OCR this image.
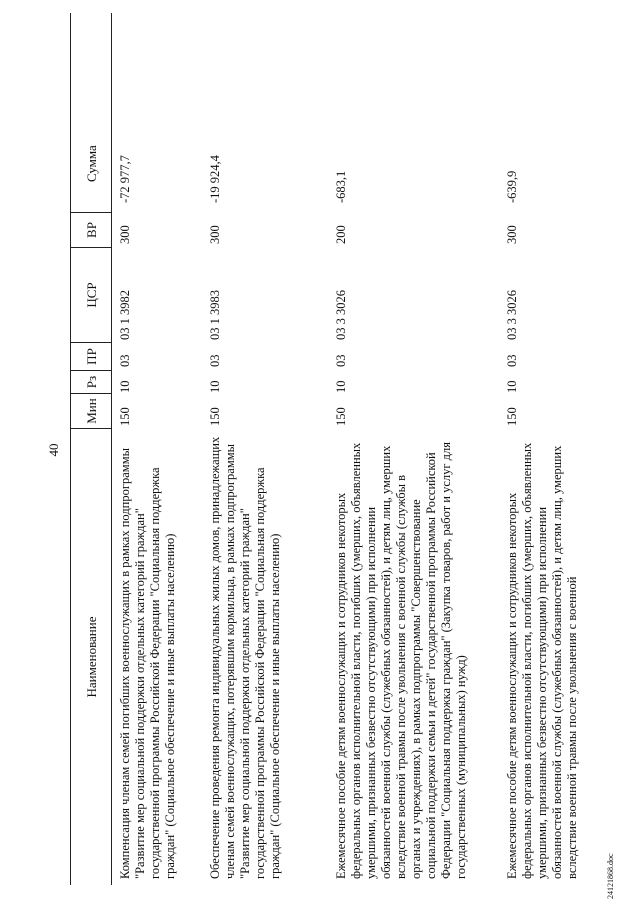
40
Наименование
Мин
Рз
ПР
ЦСР
ВР
Сумма
Компенсация членам семей погибших военнослужащих в рамках подпрограммы "Развитие мер социальной поддержки отдельных категорий граждан" государственной программы Российской Федерации "Социальная поддержка граждан" (Социальное обеспечение и иные выплаты населению)
150
10
03
03 1 3982
300
-72 977,7
Обеспечение проведения ремонта индивидуальных жилых домов, принадлежащих членам семей военнослужащих, потерявшим кормильца, в рамках подпрограммы "Развитие мер социальной поддержки отдельных категорий граждан" государственной программы Российской Федерации "Социальная поддержка граждан" (Социальное обеспечение и иные выплаты населению)
150
10
03
03 1 3983
300
-19 924,4
Ежемесячное пособие детям военнослужащих и сотрудников некоторых федеральных органов исполнительной власти, погибших (умерших, объявленных умершими, признанных безвестно отсутствующими) при исполнении обязанностей военной службы (служебных обязанностей), и детям лиц, умерших вследствие военной травмы после увольнения с военной службы (службы в органах и учреждениях), в рамках подпрограммы "Совершенствование социальной поддержки семьи и детей" государственной программы Российской Федерации "Социальная поддержка граждан" (Закупка товаров, работ и услуг для государственных (муниципальных) нужд)
150
10
03
03 3 3026
200
-683,1
Ежемесячное пособие детям военнослужащих и сотрудников некоторых федеральных органов исполнительной власти, погибших (умерших, объявленных умершими, признанных безвестно отсутствующими) при исполнении обязанностей военной службы (служебных обязанностей), и детям лиц, умерших вследствие военной травмы после увольнения с военной
150
10
03
03 3 3026
300
-639,9
24121868.doc
